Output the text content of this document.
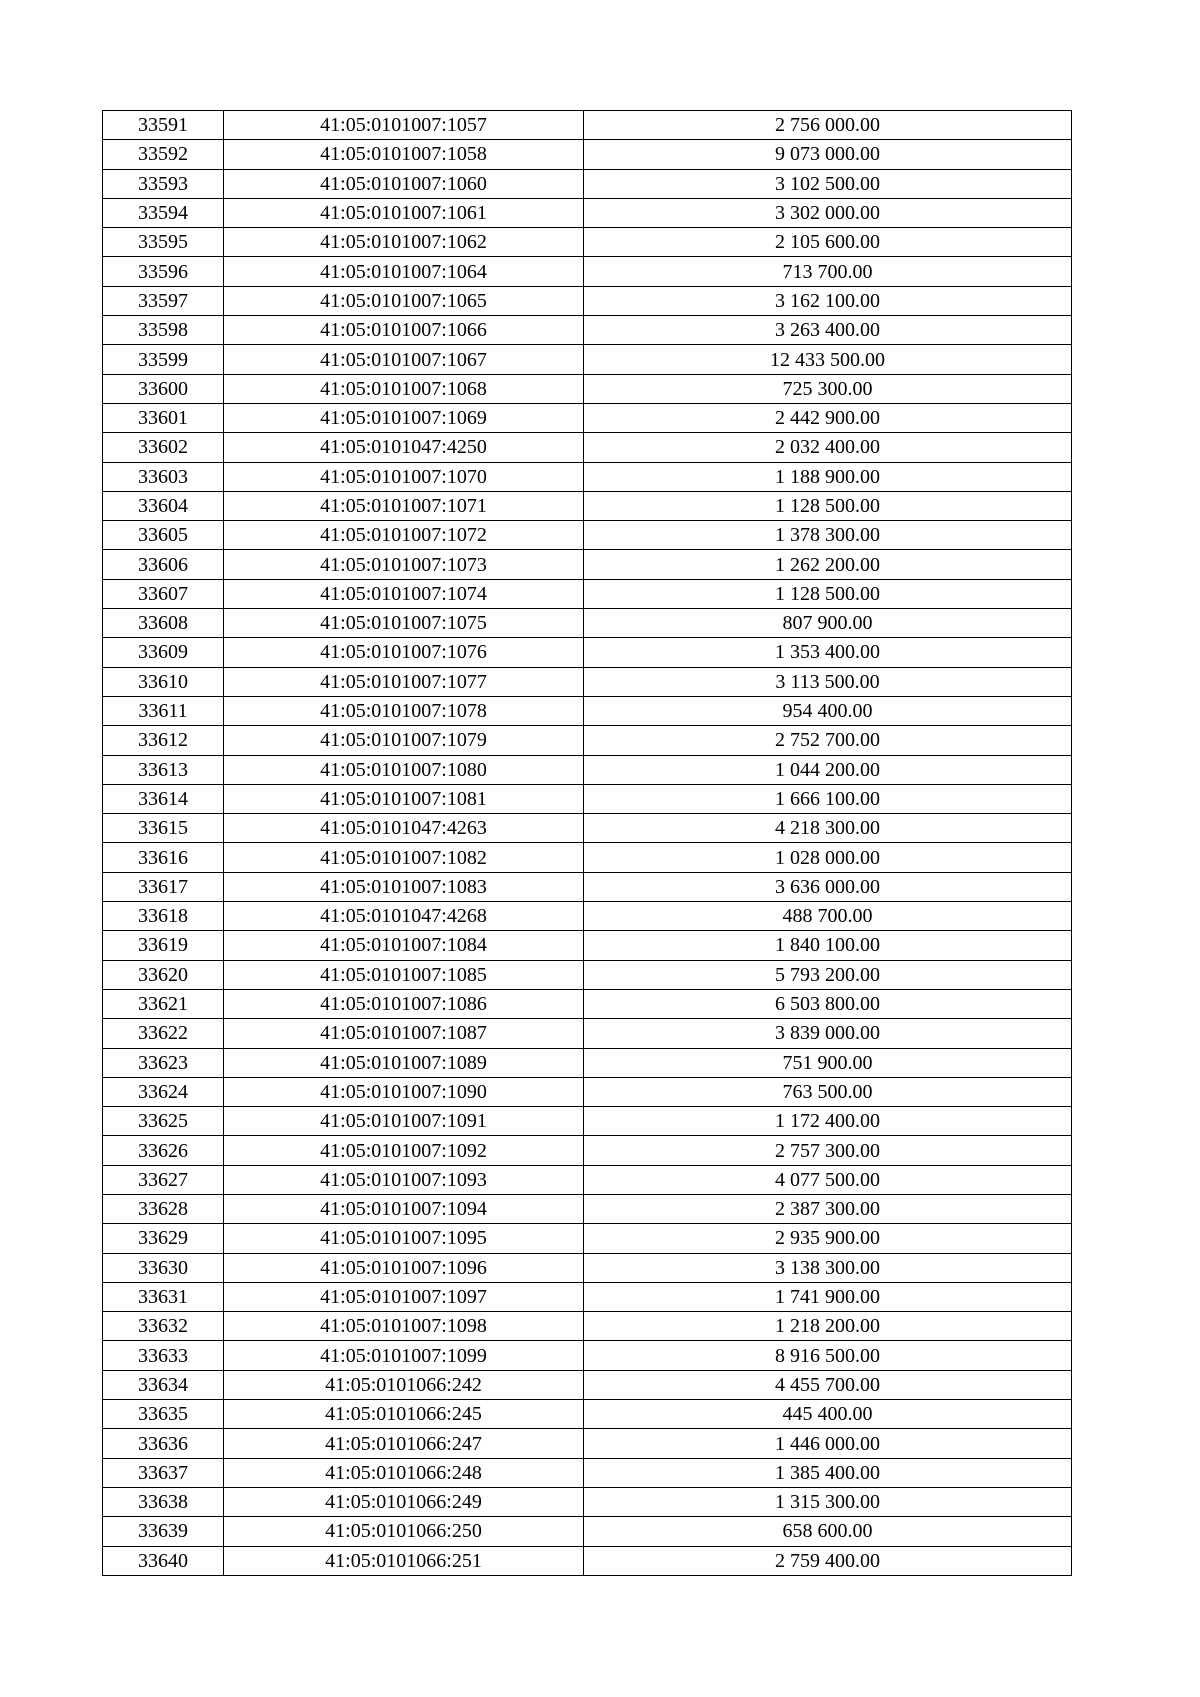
33591	41:05:0101007:1057	2 756 000.00
33592	41:05:0101007:1058	9 073 000.00
33593	41:05:0101007:1060	3 102 500.00
33594	41:05:0101007:1061	3 302 000.00
33595	41:05:0101007:1062	2 105 600.00
33596	41:05:0101007:1064	713 700.00
33597	41:05:0101007:1065	3 162 100.00
33598	41:05:0101007:1066	3 263 400.00
33599	41:05:0101007:1067	12 433 500.00
33600	41:05:0101007:1068	725 300.00
33601	41:05:0101007:1069	2 442 900.00
33602	41:05:0101047:4250	2 032 400.00
33603	41:05:0101007:1070	1 188 900.00
33604	41:05:0101007:1071	1 128 500.00
33605	41:05:0101007:1072	1 378 300.00
33606	41:05:0101007:1073	1 262 200.00
33607	41:05:0101007:1074	1 128 500.00
33608	41:05:0101007:1075	807 900.00
33609	41:05:0101007:1076	1 353 400.00
33610	41:05:0101007:1077	3 113 500.00
33611	41:05:0101007:1078	954 400.00
33612	41:05:0101007:1079	2 752 700.00
33613	41:05:0101007:1080	1 044 200.00
33614	41:05:0101007:1081	1 666 100.00
33615	41:05:0101047:4263	4 218 300.00
33616	41:05:0101007:1082	1 028 000.00
33617	41:05:0101007:1083	3 636 000.00
33618	41:05:0101047:4268	488 700.00
33619	41:05:0101007:1084	1 840 100.00
33620	41:05:0101007:1085	5 793 200.00
33621	41:05:0101007:1086	6 503 800.00
33622	41:05:0101007:1087	3 839 000.00
33623	41:05:0101007:1089	751 900.00
33624	41:05:0101007:1090	763 500.00
33625	41:05:0101007:1091	1 172 400.00
33626	41:05:0101007:1092	2 757 300.00
33627	41:05:0101007:1093	4 077 500.00
33628	41:05:0101007:1094	2 387 300.00
33629	41:05:0101007:1095	2 935 900.00
33630	41:05:0101007:1096	3 138 300.00
33631	41:05:0101007:1097	1 741 900.00
33632	41:05:0101007:1098	1 218 200.00
33633	41:05:0101007:1099	8 916 500.00
33634	41:05:0101066:242	4 455 700.00
33635	41:05:0101066:245	445 400.00
33636	41:05:0101066:247	1 446 000.00
33637	41:05:0101066:248	1 385 400.00
33638	41:05:0101066:249	1 315 300.00
33639	41:05:0101066:250	658 600.00
33640	41:05:0101066:251	2 759 400.00
